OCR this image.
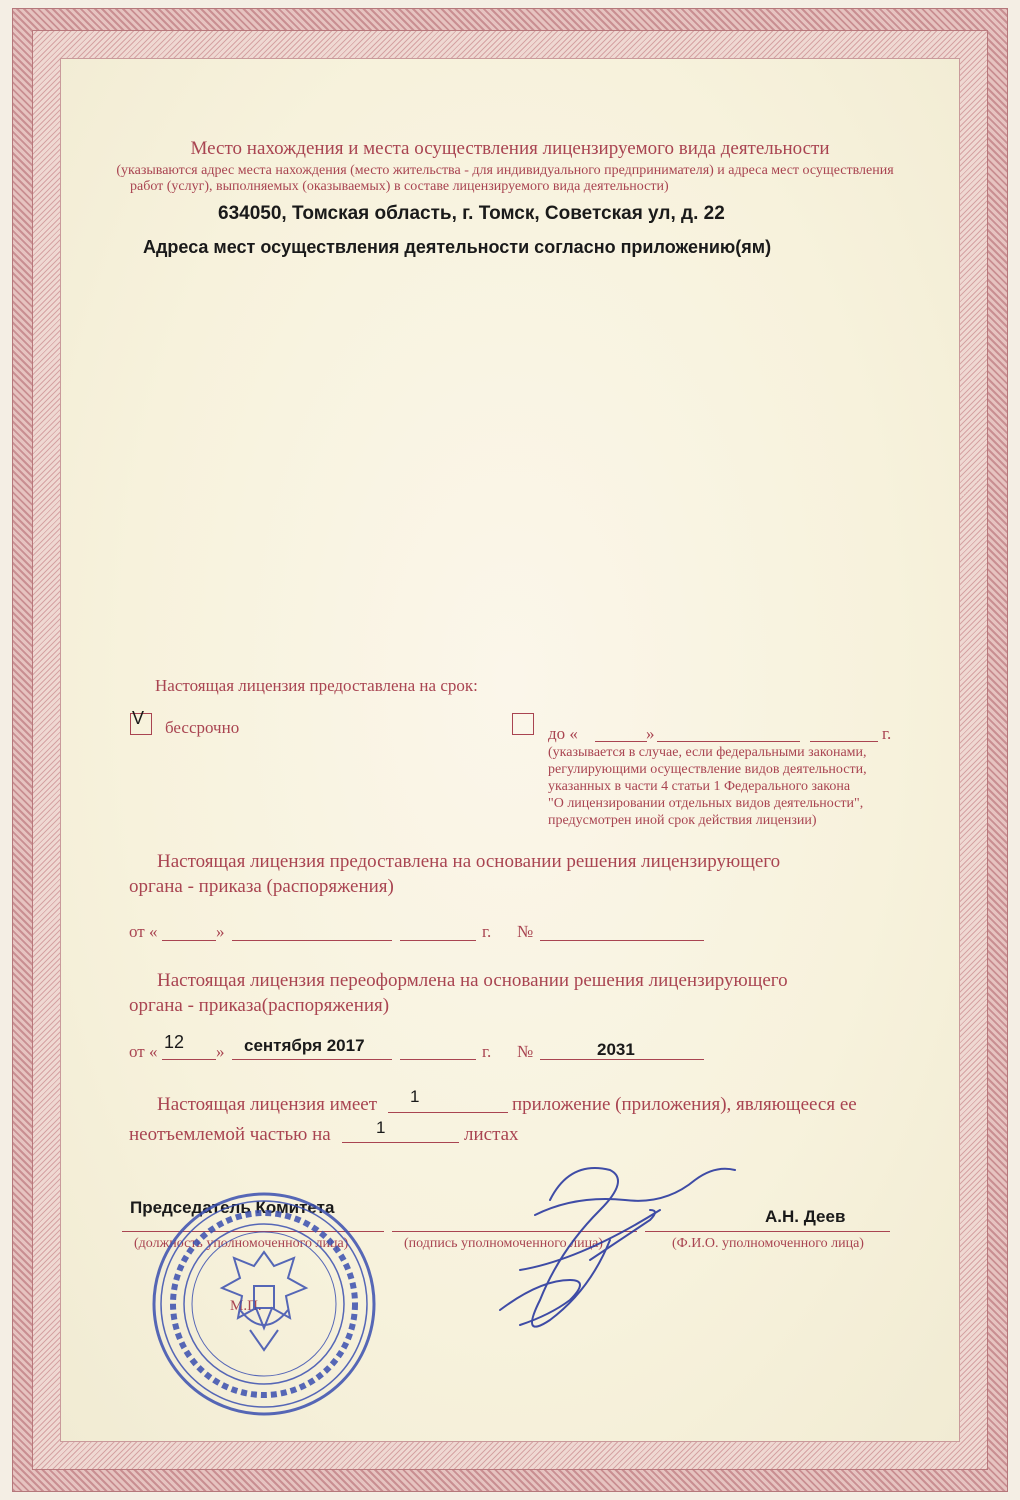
Место нахождения и места осуществления лицензируемого вида деятельности
(указываются адрес места нахождения (место жительства - для индивидуального предпринимателя) и адреса мест осуществления
работ (услуг), выполняемых (оказываемых) в составе лицензируемого вида деятельности)
634050, Томская область, г. Томск, Советская ул, д. 22
Адреса мест осуществления деятельности согласно приложению(ям)
Настоящая лицензия предоставлена на срок:
V бессрочно	до «	»	г.
(указывается в случае, если федеральными законами,
регулирующими осуществление видов деятельности,
указанных в части 4 статьи 1 Федерального закона
"О лицензировании отдельных видов деятельности",
предусмотрен иной срок действия лицензии)
Настоящая лицензия предоставлена на основании решения лицензирующего
органа - приказа (распоряжения)
от «	»	г. №
Настоящая лицензия переоформлена на основании решения лицензирующего
органа - приказа(распоряжения)
от « 12 » сентября 2017	г. №	2031
Настоящая лицензия имеет 1	приложение (приложения), являющееся ее
неотъемлемой частью на	1	листах
Председатель Комитета
(должность уполномоченного лица)	(подпись уполномоченного лица)
А.Н. Деев
(Ф.И.О. уполномоченного лица)
М.П.
